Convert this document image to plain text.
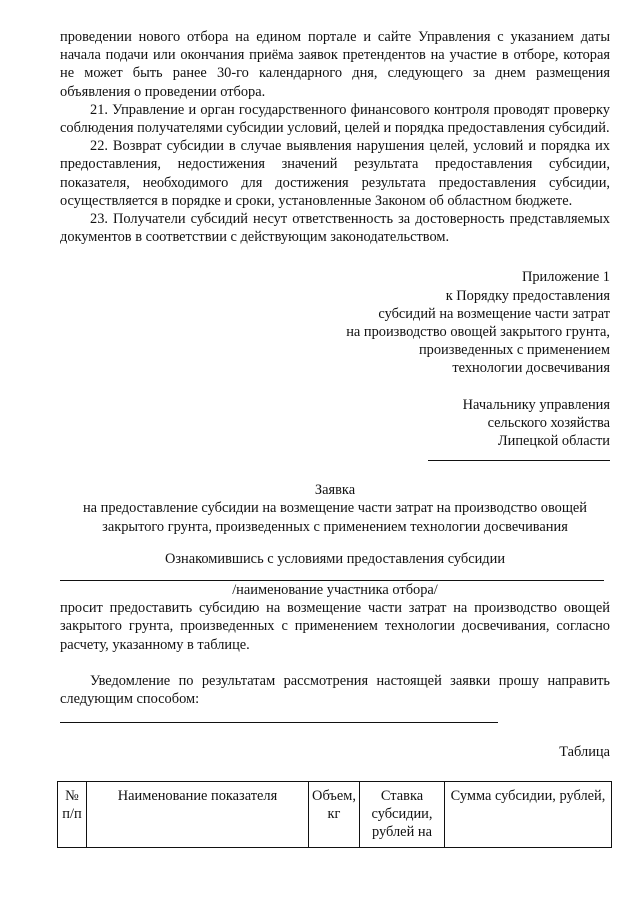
проведении нового отбора на едином портале и сайте Управления с указанием даты начала подачи или окончания приёма заявок претендентов на участие в отборе, которая не может быть ранее 30-го календарного дня, следующего за днем размещения объявления о проведении отбора.

21. Управление и орган государственного финансового контроля проводят проверку соблюдения получателями субсидии условий, целей и порядка предоставления субсидий.

22. Возврат субсидии в случае выявления нарушения целей, условий и порядка их предоставления, недостижения значений результата предоставления субсидии, показателя, необходимого для достижения результата предоставления субсидии, осуществляется в порядке и сроки, установленные Законом об областном бюджете.

23. Получатели субсидий несут ответственность за достоверность представляемых документов в соответствии с действующим законодательством.

Приложение 1

к Порядку предоставления

субсидий на возмещение части затрат

на производство овощей закрытого грунта,

произведенных с применением

технологии досвечивания

Начальнику управления

сельского хозяйства

Липецкой области

Заявка

на предоставление субсидии на возмещение части затрат на производство овощей закрытого грунта, произведенных с применением технологии досвечивания

Ознакомившись с условиями предоставления субсидии

/наименование участника отбора/

просит предоставить субсидию на возмещение части затрат на производство овощей закрытого грунта, произведенных с применением технологии досвечивания, согласно расчету, указанному в таблице.

Уведомление по результатам рассмотрения настоящей заявки прошу направить следующим способом:

Таблица

№ п/п	Наименование показателя	Объем, кг	Ставка субсидии, рублей на	Сумма субсидии, рублей,
